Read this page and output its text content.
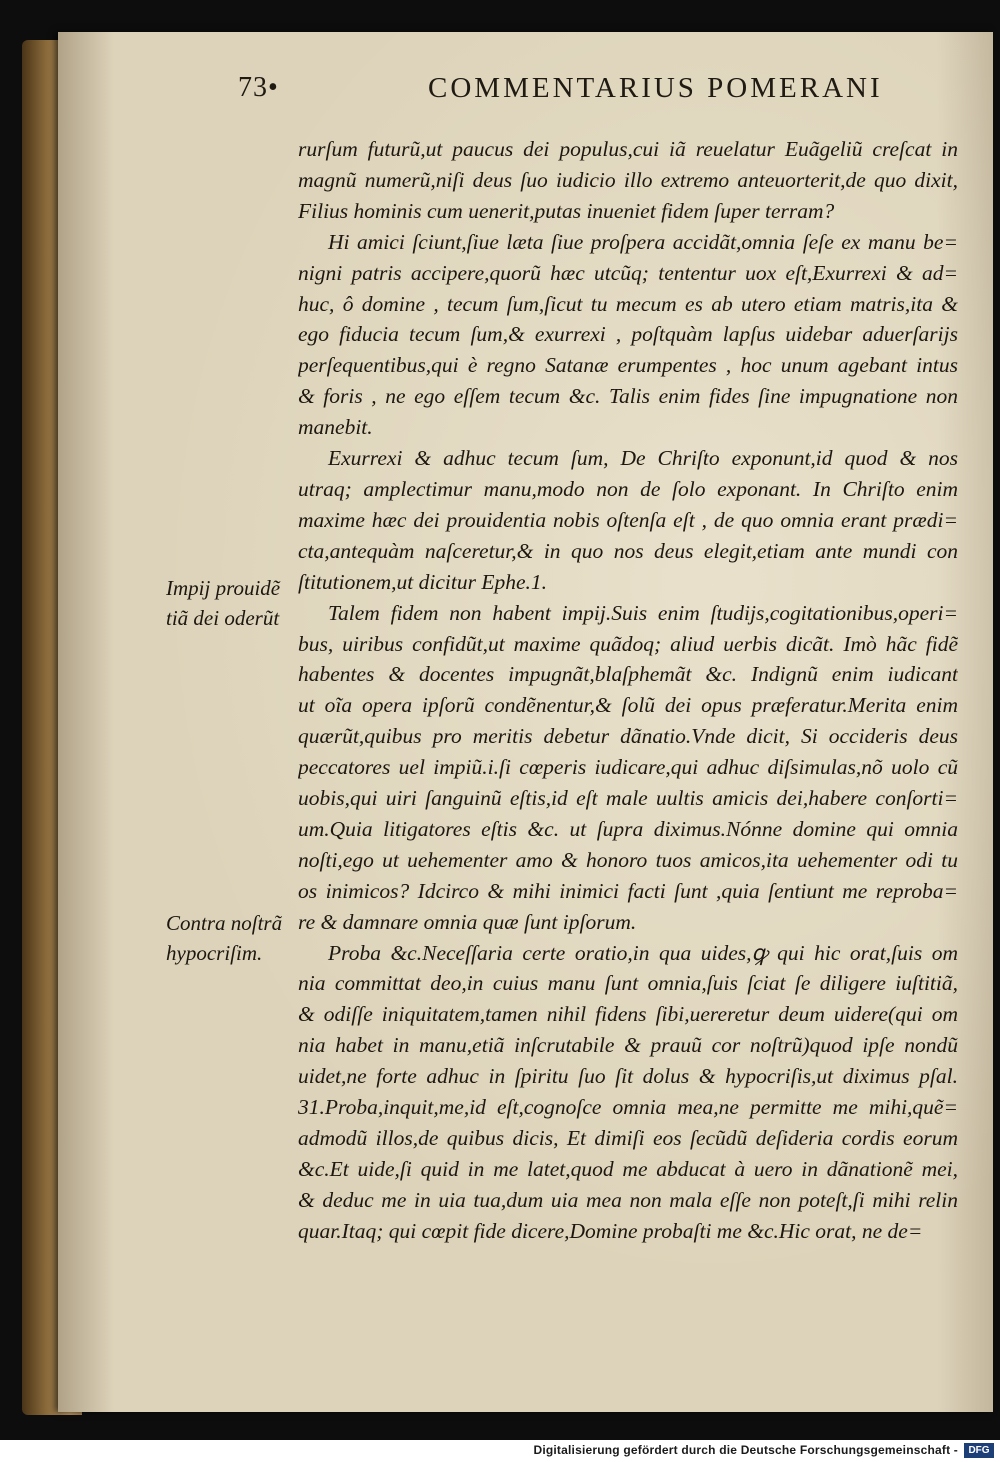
73•	COMMENTARIUS POMERANI
Impij prouidẽ
tiã dei oderũt
Contra noſtrã
hypocriſim.

rurſum futurũ,ut paucus dei populus,cui iã reuelatur Euãgeliũ creſcat in
magnũ numerũ,niſi deus ſuo iudicio illo extremo anteuorterit,de quo dixit,
Filius hominis cum uenerit,putas inueniet fidem ſuper terram?

Hi amici ſciunt,ſiue læta ſiue proſpera accidãt,omnia ſeſe ex manu be=
nigni patris accipere,quorũ hæc utcũq; tententur uox eſt,Exurrexi & ad=
huc, ô domine , tecum ſum,ſicut tu mecum es ab utero etiam matris,ita &
ego fiducia tecum ſum,& exurrexi , poſtquàm lapſus uidebar aduerſarijs
perſequentibus,qui è regno Satanæ erumpentes , hoc unum agebant intus
& foris , ne ego eſſem tecum &c. Talis enim fides ſine impugnatione non
manebit.

Exurrexi & adhuc tecum ſum, De Chriſto exponunt,id quod & nos
utraq; amplectimur manu,modo non de ſolo exponant. In Chriſto enim
maxime hæc dei prouidentia nobis oſtenſa eſt , de quo omnia erant prædi=
cta,antequàm naſceretur,& in quo nos deus elegit,etiam ante mundi con
ſtitutionem,ut dicitur Ephe.1.

Talem fidem non habent impij.Suis enim ſtudijs,cogitationibus,operi=
bus, uiribus confidũt,ut maxime quãdoq; aliud uerbis dicãt. Imò hãc fidẽ
habentes & docentes impugnãt,blaſphemãt &c. Indignũ enim iudicant
ut oĩa opera ipſorũ condẽnentur,& ſolũ dei opus præferatur.Merita enim
quærũt,quibus pro meritis debetur dãnatio.Vnde dicit, Si occideris deus
peccatores uel impiũ.i.ſi cœperis iudicare,qui adhuc diſsimulas,nõ uolo cũ
uobis,qui uiri ſanguinũ eſtis,id eſt male uultis amicis dei,habere conſorti=
um.Quia litigatores eſtis &c. ut ſupra diximus.Nónne domine qui omnia
noſti,ego ut uehementer amo & honoro tuos amicos,ita uehementer odi tu
os inimicos? Idcirco & mihi inimici facti ſunt ,quia ſentiunt me reproba=
re & damnare omnia quæ ſunt ipſorum.

Proba &c.Neceſſaria certe oratio,in qua uides,ꝙ qui hic orat,ſuis om
nia committat deo,in cuius manu ſunt omnia,ſuis ſciat ſe diligere iuſtitiã,
& odiſſe iniquitatem,tamen nihil fidens ſibi,uereretur deum uidere(qui om
nia habet in manu,etiã inſcrutabile & prauũ cor noſtrũ)quod ipſe nondũ
uidet,ne forte adhuc in ſpiritu ſuo ſit dolus & hypocriſis,ut diximus pſal.
31.Proba,inquit,me,id eſt,cognoſce omnia mea,ne permitte me mihi,quẽ=
admodũ illos,de quibus dicis, Et dimiſi eos ſecũdũ deſideria cordis eorum
&c.Et uide,ſi quid in me latet,quod me abducat à uero in dãnationẽ mei,
& deduc me in uia tua,dum uia mea non mala eſſe non poteſt,ſi mihi relin
quar.Itaq; qui cœpit fide dicere,Domine probaſti me &c.Hic orat, ne de=

Digitalisierung gefördert durch die Deutsche Forschungsgemeinschaft -	DFG
